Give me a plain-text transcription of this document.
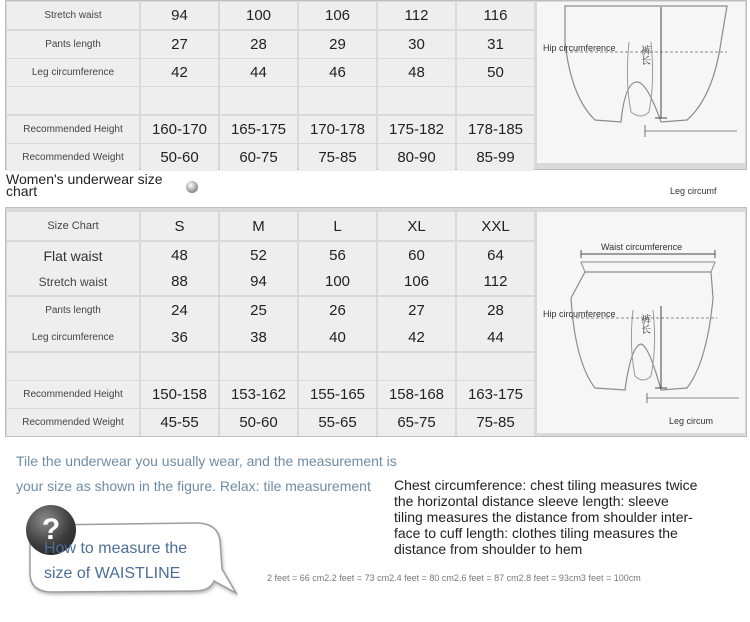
Stretch waist	94	100	106	112	116
Pants length	27	28	29	30	31
Leg circumference	42	44	46	48	50
Recommended Height	160-170	165-175	170-178	175-182	178-185
Recommended Weight	50-60	60-75	75-85	80-90	85-99
Hip circumference	裤长
Women's underwear size chart	Leg circumf
Size Chart	S	M	L	XL	XXL
Flat waist	48	52	56	60	64
Stretch waist	88	94	100	106	112
Pants length	24	25	26	27	28
Leg circumference	36	38	40	42	44
Recommended Height	150-158	153-162	155-165	158-168	163-175
Recommended Weight	45-55	50-60	55-65	65-75	75-85
Waist circumference
Hip circumference
裤长
Leg circum
Tile the underwear you usually wear, and the measurement is
your size as shown in the figure. Relax: tile measurement Chest circumference: chest tiling measures twice
the horizontal distance sleeve length: sleeve
tiling measures the distance from shoulder inter-
face to cuff length: clothes tiling measures the
distance from shoulder to hem
?
How to measure the
size of WAISTLINE	2 feet = 66 cm2.2 feet = 73 cm2.4 feet = 80 cm2.6 feet = 87 cm2.8 feet = 93cm3 feet = 100cm
